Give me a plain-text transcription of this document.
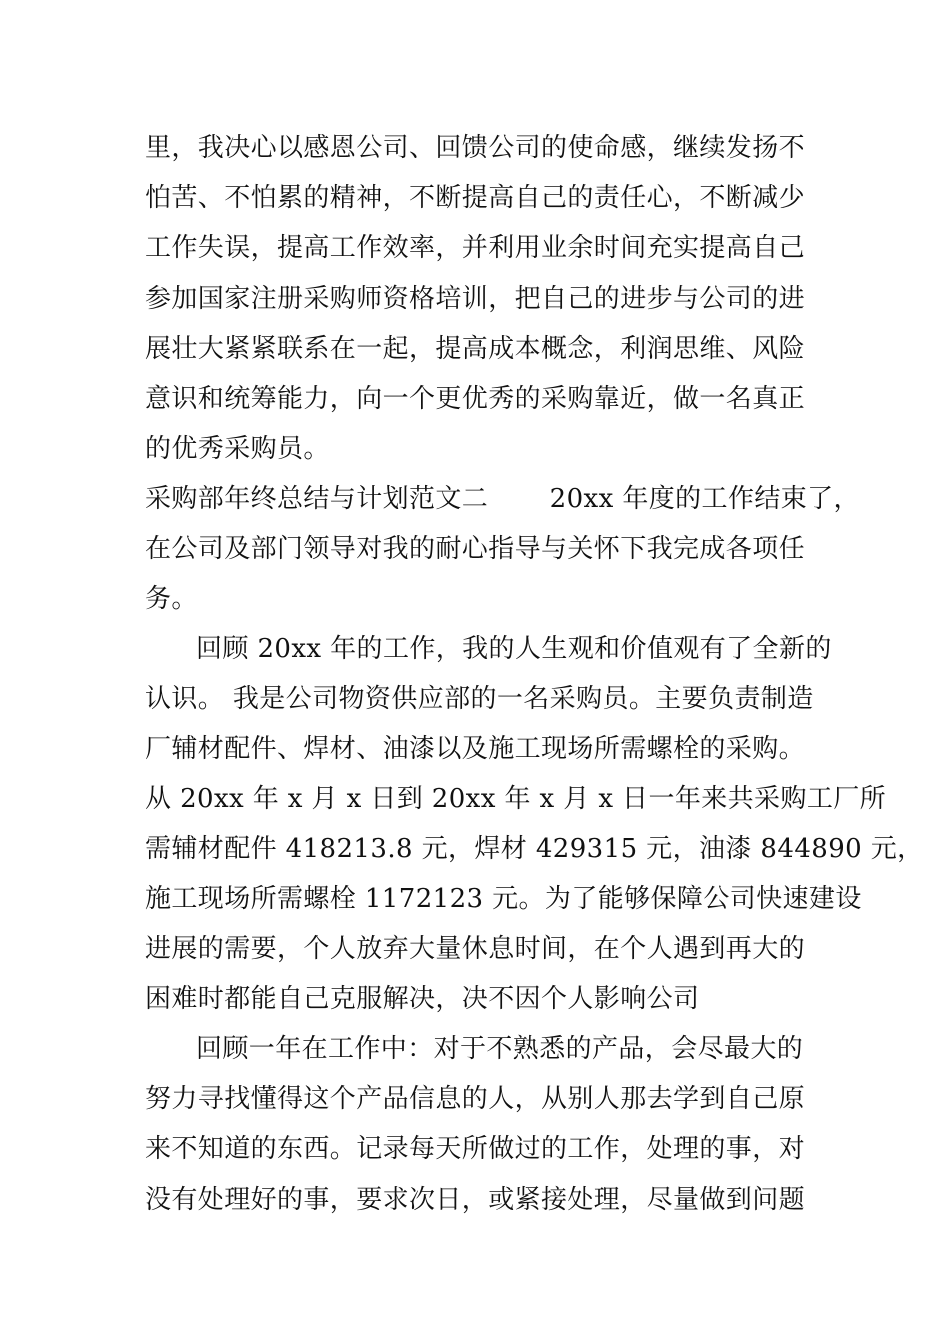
里，我决心以感恩公司、回馈公司的使命感，继续发扬不
怕苦、不怕累的精神，不断提高自己的责任心，不断减少
工作失误，提高工作效率，并利用业余时间充实提高自己
参加国家注册采购师资格培训，把自己的进步与公司的进
展壮大紧紧联系在一起，提高成本概念，利润思维、风险
意识和统筹能力，向一个更优秀的采购靠近，做一名真正
的优秀采购员。
采购部年终总结与计划范文二　　 20xx 年度的工作结束了，
在公司及部门领导对我的耐心指导与关怀下我完成各项任
务。
回顾 20xx 年的工作，我的人生观和价值观有了全新的
认识。 我是公司物资供应部的一名采购员。主要负责制造
厂辅材配件、焊材、油漆以及施工现场所需螺栓的采购。
从 20xx 年 x 月 x 日到 20xx 年 x 月 x 日一年来共采购工厂所
需辅材配件 418213.8 元，焊材 429315 元，油漆 844890 元，
施工现场所需螺栓 1172123 元。为了能够保障公司快速建设
进展的需要，个人放弃大量休息时间，在个人遇到再大的
困难时都能自己克服解决，决不因个人影响公司
回顾一年在工作中：对于不熟悉的产品，会尽最大的
努力寻找懂得这个产品信息的人，从别人那去学到自己原
来不知道的东西。记录每天所做过的工作，处理的事，对
没有处理好的事，要求次日，或紧接处理，尽量做到问题
